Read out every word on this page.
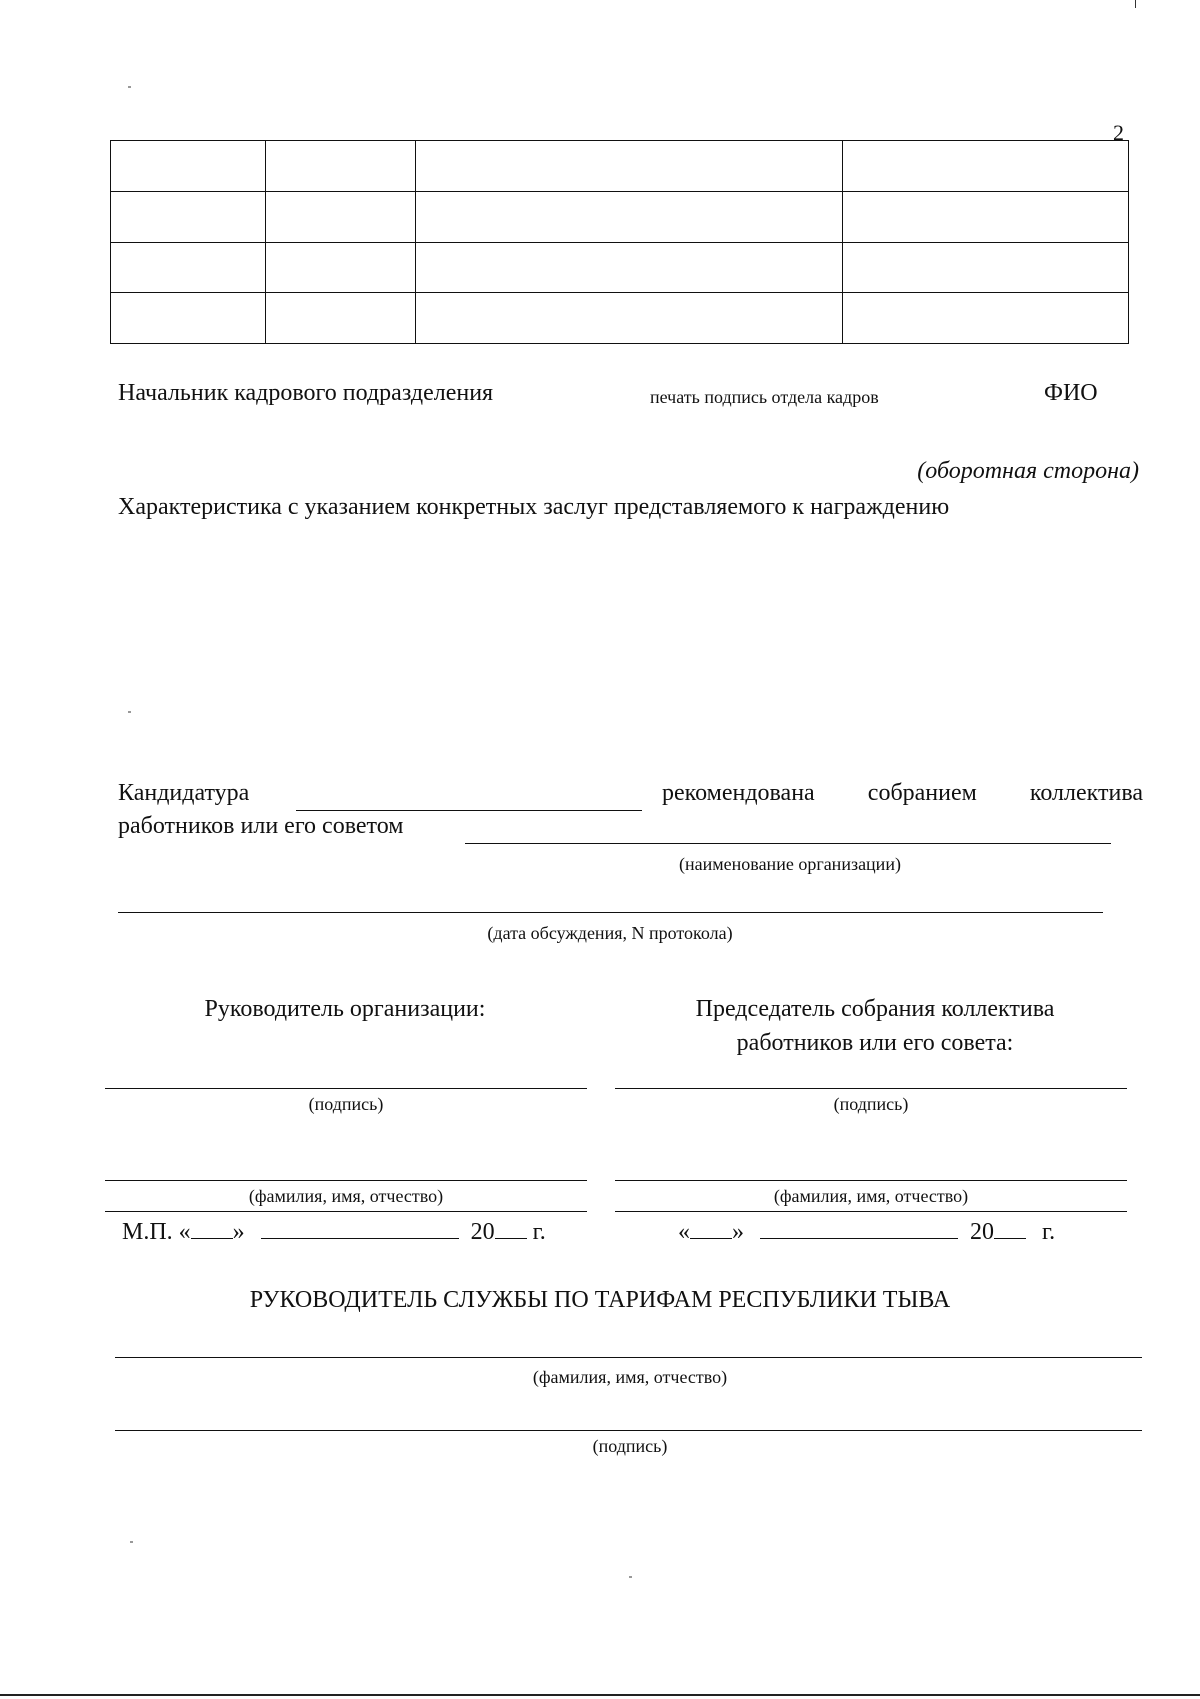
2

Начальник кадрового подразделения	печать подпись отдела кадров	ФИО
(оборотная сторона)
Характеристика с указанием конкретных заслуг представляемого к награждению
Кандидатура	рекомендована собранием коллектива
работников или его советом
(наименование организации)
(дата обсуждения, N протокола)
Руководитель организации:	Председатель собрания коллектива
работников или его совета:
(подпись)	(подпись)
(фамилия, имя, отчество)	(фамилия, имя, отчество)
М.П. « »	20 г.	« »	20 г.
РУКОВОДИТЕЛЬ СЛУЖБЫ ПО ТАРИФАМ РЕСПУБЛИКИ ТЫВА
(фамилия, имя, отчество)
(подпись)
